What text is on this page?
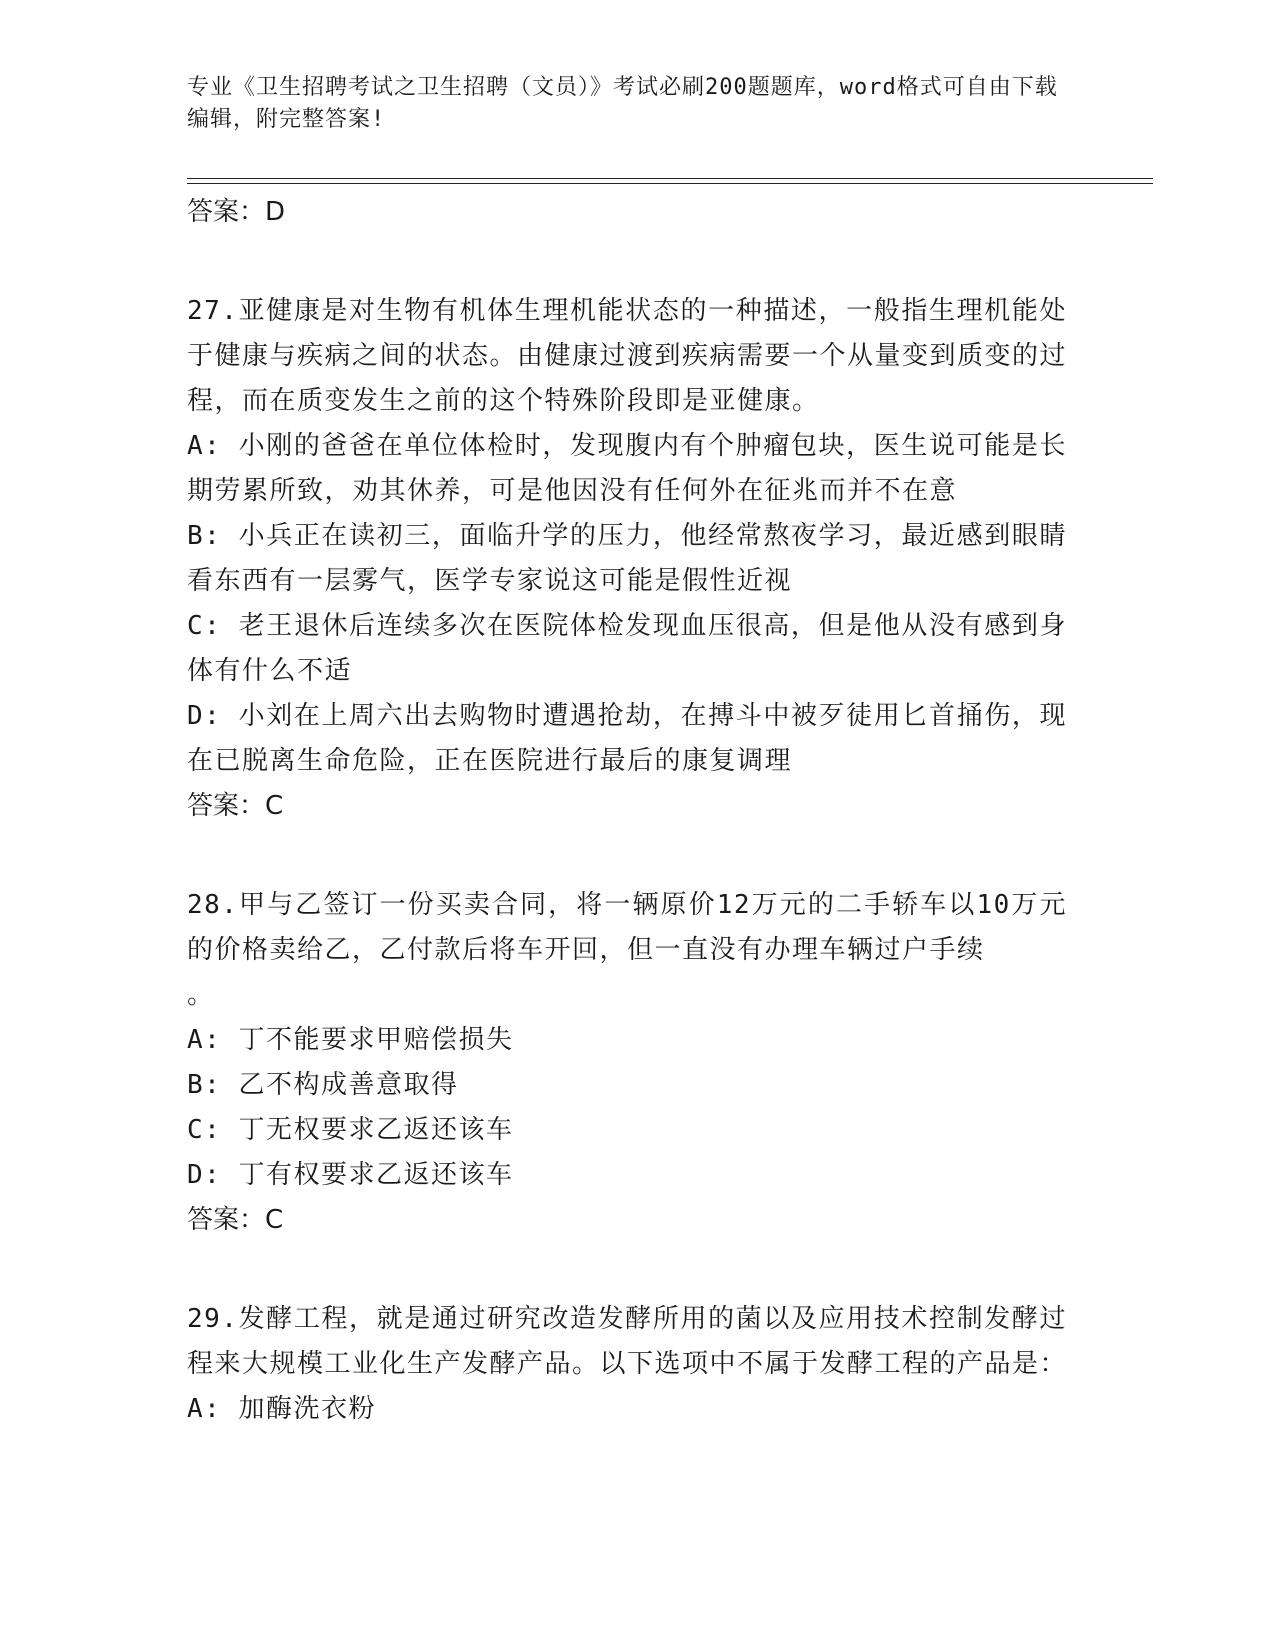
专业《卫生招聘考试之卫生招聘（文员）》考试必刷200题题库，word格式可自由下载编辑，附完整答案!

答案：D

27.亚健康是对生物有机体生理机能状态的一种描述，一般指生理机能处于健康与疾病之间的状态。由健康过渡到疾病需要一个从量变到质变的过程，而在质变发生之前的这个特殊阶段即是亚健康。

A: 小刚的爸爸在单位体检时，发现腹内有个肿瘤包块，医生说可能是长期劳累所致，劝其休养，可是他因没有任何外在征兆而并不在意

B: 小兵正在读初三，面临升学的压力，他经常熬夜学习，最近感到眼睛看东西有一层雾气，医学专家说这可能是假性近视

C: 老王退休后连续多次在医院体检发现血压很高，但是他从没有感到身体有什么不适

D: 小刘在上周六出去购物时遭遇抢劫，在搏斗中被歹徒用匕首捅伤，现在已脱离生命危险，正在医院进行最后的康复调理

答案：C

28.甲与乙签订一份买卖合同，将一辆原价12万元的二手轿车以10万元的价格卖给乙，乙付款后将车开回，但一直没有办理车辆过户手续

。

A: 丁不能要求甲赔偿损失

B: 乙不构成善意取得

C: 丁无权要求乙返还该车

D: 丁有权要求乙返还该车

答案：C

29.发酵工程，就是通过研究改造发酵所用的菌以及应用技术控制发酵过程来大规模工业化生产发酵产品。以下选项中不属于发酵工程的产品是：

A: 加酶洗衣粉
